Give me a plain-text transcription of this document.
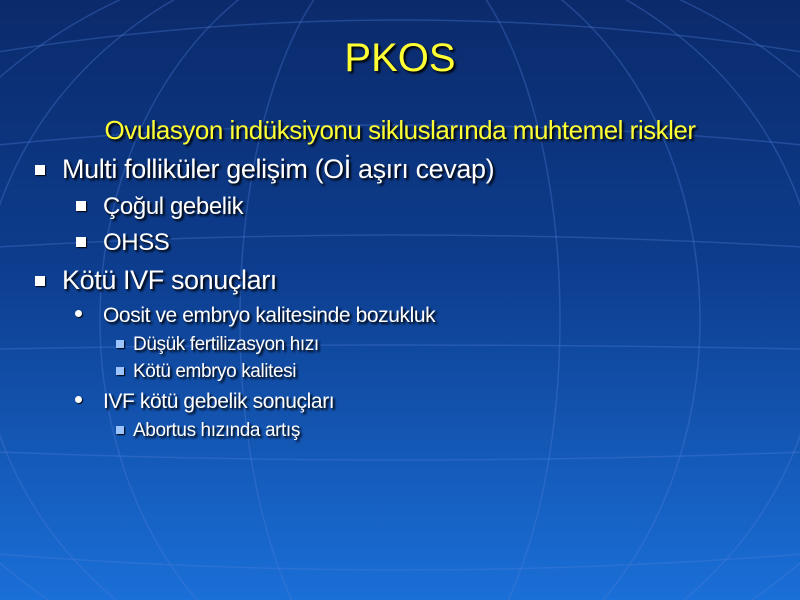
PKOS
Ovulasyon indüksiyonu sikluslarında muhtemel riskler
Multi folliküler gelişim (Oİ aşırı cevap)
Çoğul gebelik
OHSS
Kötü IVF sonuçları
Oosit ve embryo kalitesinde bozukluk
Düşük fertilizasyon hızı
Kötü embryo kalitesi
IVF kötü gebelik sonuçları
Abortus hızında artış
